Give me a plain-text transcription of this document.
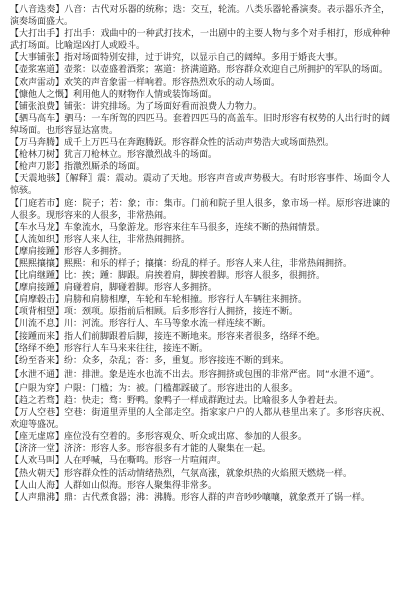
【八音迭奏】八音：古代对乐器的统称；迭：交互，轮流。八类乐器轮番演奏。表示器乐齐全，演奏场面盛大。

【大打出手】打出手：戏曲中的一种武打技术，一出剧中的主要人物与多个对手相打，形成种种武打场面。比喻逞凶打人或殴斗。

【大事铺张】指对场面特别安排，过于讲究，以显示自己的阔绰。多用于婚丧大事。

【壶浆塞道】壶浆：以壶盛着酒浆；塞道：挤满道路。形容群众欢迎自己所拥护的军队的场面。

【欢声雷动】欢笑的声音象雷一样响着。形容热烈欢乐的动人场面。

【慷他人之慨】利用他人的财物作人情或装饰场面。

【铺张浪费】铺张：讲究排场。为了场面好看而浪费人力物力。

【驷马高车】驷马：一车所驾的四匹马。套着四匹马的高盖车。旧时形容有权势的人出行时的阔绰场面。也形容显达富贵。

【万马奔腾】成千上万匹马在奔跑腾跃。形容群众性的活动声势浩大或场面热烈。

【枪林刀树】犹言刀枪林立。形容激烈战斗的场面。

【枪声刀影】指激烈厮杀的场面。

【天震地骇】〖解释〗震：震动。震动了天地。形容声音或声势极大。有时形容事件、场面令人惊骇。

【门庭若市】庭：院子；若：象；市：集市。门前和院子里人很多，象市场一样。原形容进谏的人很多。现形容来的人很多，非常热闹。

【车水马龙】车象流水，马象游龙。形容来往车马很多，连续不断的热闹情景。

【人流如织】形容人来人往，非常热闹拥挤。

【摩肩接踵】形容人多拥挤。

【熙熙攘攘】熙熙：和乐的样子；攘攘：纷乱的样子。形容人来人往，非常热闹拥挤。

【比肩继踵】比：挨；踵：脚跟。肩挨着肩，脚挨着脚。形容人很多，很拥挤。

【摩肩接踵】肩碰着肩，脚碰着脚。形容人多拥挤。

【肩摩毂击】肩膀和肩膀相摩，车轮和车轮相撞。形容行人车辆往来拥挤。

【项背相望】项：颈项。原指前后相顾。后多形容行人拥挤，接连不断。

【川流不息】川：河流。形容行人、车马等象水流一样连续不断。

【接踵而来】指人们前脚跟着后脚，接连不断地来。形容来者很多，络绎不绝。

【络绎不绝】形容行人车马来来往往，接连不断。

【纷至沓来】纷：众多，杂乱；沓：多，重复。形容接连不断的到来。

【水泄不通】泄：排泄。象是连水也流不出去。形容拥挤或包围的非常严密。同“水泄不通”。

【户限为穿】户限：门槛；为：被。门槛都踩破了。形容进出的人很多。

【趋之若骛】趋：快走；骛：野鸭。象鸭子一样成群跑过去。比喻很多人争着赶去。

【万人空巷】空巷：街道里弄里的人全部走空。指家家户户的人都从巷里出来了。多形容庆祝、欢迎等盛况。

【座无虚席】座位没有空着的。多形容观众、听众或出席、参加的人很多。

【济济一堂】济济：形容人多。形容很多有才能的人聚集在一起。

【人欢马叫】人在呼喊，马在嘶鸣。形容一片喧闹声。

【热火朝天】形容群众性的活动情绪热烈，气氛高涨，就象炽热的火焰照天燃烧一样。

【人山人海】人群如山似海。形容人聚集得非常多。

【人声鼎沸】鼎：古代煮食器；沸：沸腾。形容人群的声音吵吵嚷嚷，就象煮开了锅一样。
